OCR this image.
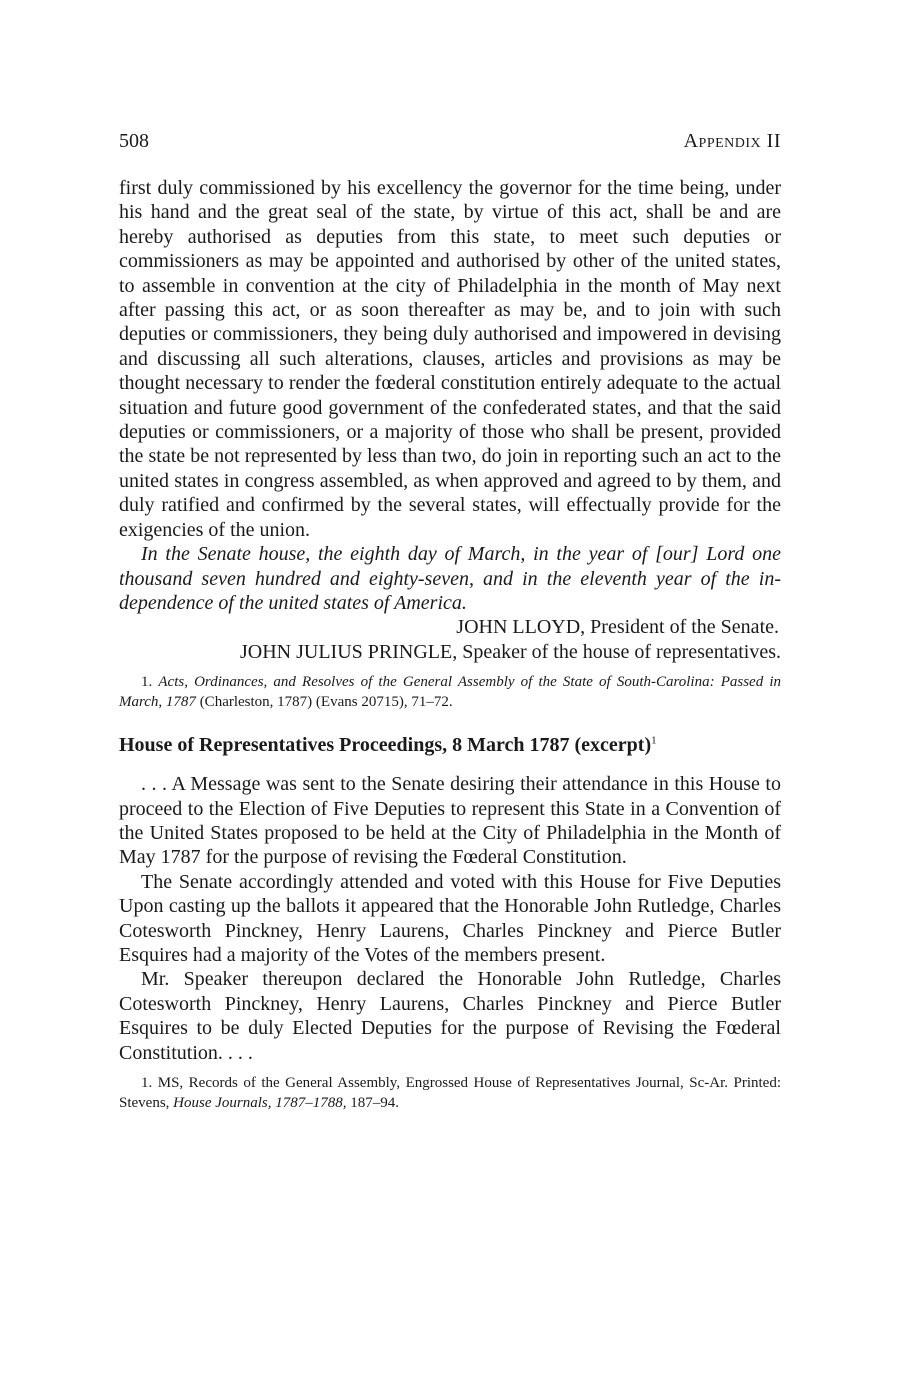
508	Appendix II

first duly commissioned by his excellency the governor for the time being, under his hand and the great seal of the state, by virtue of this act, shall be and are hereby authorised as deputies from this state, to meet such deputies or commissioners as may be appointed and authorised by other of the united states, to assemble in convention at the city of Philadelphia in the month of May next after passing this act, or as soon thereafter as may be, and to join with such deputies or commissioners, they being duly authorised and impowered in devising and discussing all such alterations, clauses, articles and provisions as may be thought necessary to render the fœderal constitution entirely adequate to the actual situation and future good government of the confederated states, and that the said deputies or commissioners, or a majority of those who shall be present, provided the state be not represented by less than two, do join in reporting such an act to the united states in congress assembled, as when approved and agreed to by them, and duly ratified and confirmed by the several states, will effectually provide for the exigencies of the union.

In the Senate house, the eighth day of March, in the year of [our] Lord one thousand seven hundred and eighty-seven, and in the eleventh year of the independence of the united states of America.

JOHN LLOYD, President of the Senate.

JOHN JULIUS PRINGLE, Speaker of the house of representatives.

1. Acts, Ordinances, and Resolves of the General Assembly of the State of South-Carolina: Passed in March, 1787 (Charleston, 1787) (Evans 20715), 71–72.

House of Representatives Proceedings, 8 March 1787 (excerpt)$^1$

. . . A Message was sent to the Senate desiring their attendance in this House to proceed to the Election of Five Deputies to represent this State in a Convention of the United States proposed to be held at the City of Philadelphia in the Month of May 1787 for the purpose of revising the Fœderal Constitution.

The Senate accordingly attended and voted with this House for Five Deputies Upon casting up the ballots it appeared that the Honorable John Rutledge, Charles Cotesworth Pinckney, Henry Laurens, Charles Pinckney and Pierce Butler Esquires had a majority of the Votes of the members present.

Mr. Speaker thereupon declared the Honorable John Rutledge, Charles Cotesworth Pinckney, Henry Laurens, Charles Pinckney and Pierce Butler Esquires to be duly Elected Deputies for the purpose of Revising the Fœderal Constitution. . . .

1. MS, Records of the General Assembly, Engrossed House of Representatives Journal, Sc-Ar. Printed: Stevens, House Journals, 1787–1788, 187–94.
